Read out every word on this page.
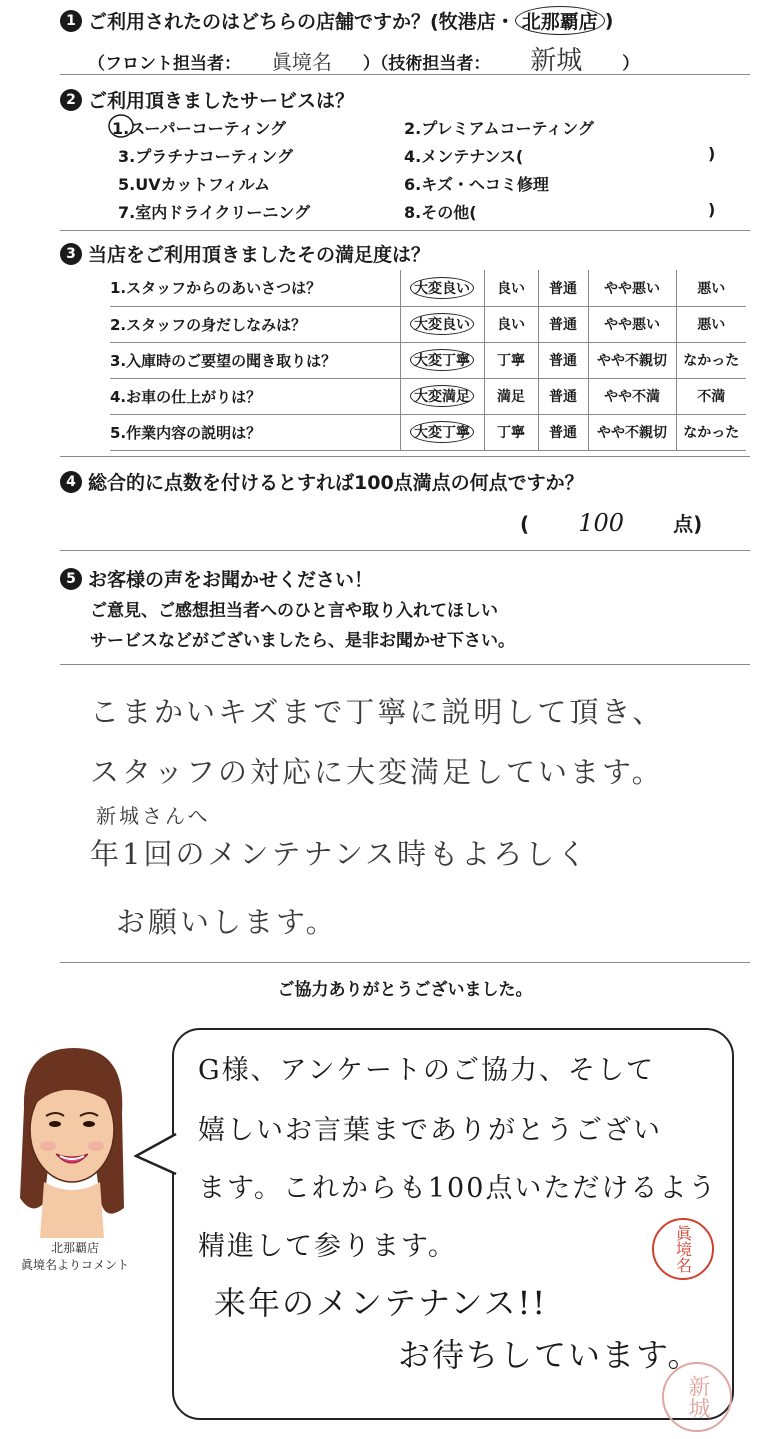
1 ご利用されたのはどちらの店舗ですか？( 牧港店 ・ 北那覇店 )
（フロント担当者： 眞境名 ）（技術担当者： 新城 ）
2 ご利用頂きましたサービスは？
1.スーパーコーティング	2.プレミアムコーティング
3.プラチナコーティング	4.メンテナンス(	)
5.UVカットフィルム	6.キズ・ヘコミ修理
7.室内ドライクリーニング	8.その他(	)
3 当店をご利用頂きましたその満足度は？
1.スタッフからのあいさつは？	大変良い	良い	普通	やや悪い	悪い
2.スタッフの身だしなみは？	大変良い	良い	普通	やや悪い	悪い
3.入庫時のご要望の聞き取りは？	大変丁寧	丁寧	普通	やや不親切	なかった
4.お車の仕上がりは？	大変満足	満足	普通	やや不満	不満
5.作業内容の説明は？	大変丁寧	丁寧	普通	やや不親切	なかった
4 総合的に点数を付けるとすれば100点満点の何点ですか？
( 100 点)
5 お客様の声をお聞かせください！
ご意見、ご感想担当者へのひと言や取り入れてほしい
サービスなどがございましたら、是非お聞かせ下さい。
こまかいキズまで丁寧に説明して頂き、
スタッフの対応に大変満足しています。
新城さんへ
年1回のメンテナンス時もよろしく
お願いします。
ご協力ありがとうございました。
北那覇店
眞境名よりコメント
G様、アンケートのご協力、そして
嬉しいお言葉までありがとうござい
ます。これからも100点いただけるよう
精進して参ります。
来年のメンテナンス!!
お待ちしています。
眞境名
新城
